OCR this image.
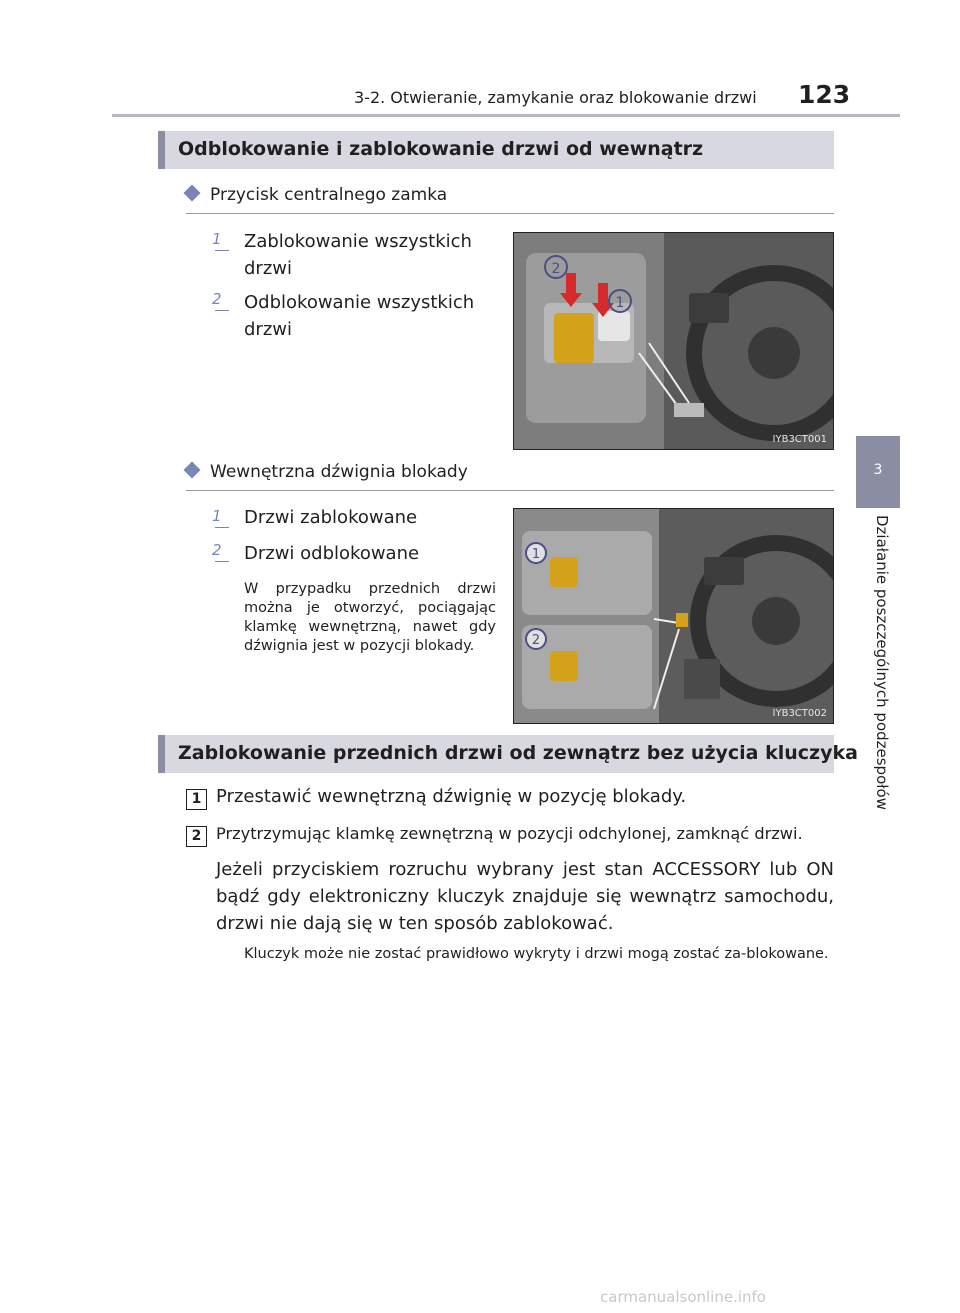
3-2. Otwieranie, zamykanie oraz blokowanie drzwi 123
3
Działanie poszczególnych podzespołów
Odblokowanie i zablokowanie drzwi od wewnątrz
Przycisk centralnego zamka
1	Zablokowanie wszystkich
drzwi
2	Odblokowanie wszystkich
drzwi
2
1
IYB3CT001
Wewnętrzna dźwignia blokady
1	Drzwi zablokowane
2	Drzwi odblokowane
W przypadku przednich drzwi można je otworzyć, pociągając klamkę wewnętrzną, nawet gdy dźwignia jest w pozycji blokady.
1
2
IYB3CT002
Zablokowanie przednich drzwi od zewnątrz bez użycia kluczyka
1 Przestawić wewnętrzną dźwignię w pozycję blokady.
2 Przytrzymując klamkę zewnętrzną w pozycji odchylonej, zamknąć drzwi.
Jeżeli przyciskiem rozruchu wybrany jest stan ACCESSORY lub ON bądź gdy elektroniczny kluczyk znajduje się wewnątrz samochodu, drzwi nie dają się w ten sposób zablokować.
Kluczyk może nie zostać prawidłowo wykryty i drzwi mogą zostać za-blokowane.
carmanualsonline.info
